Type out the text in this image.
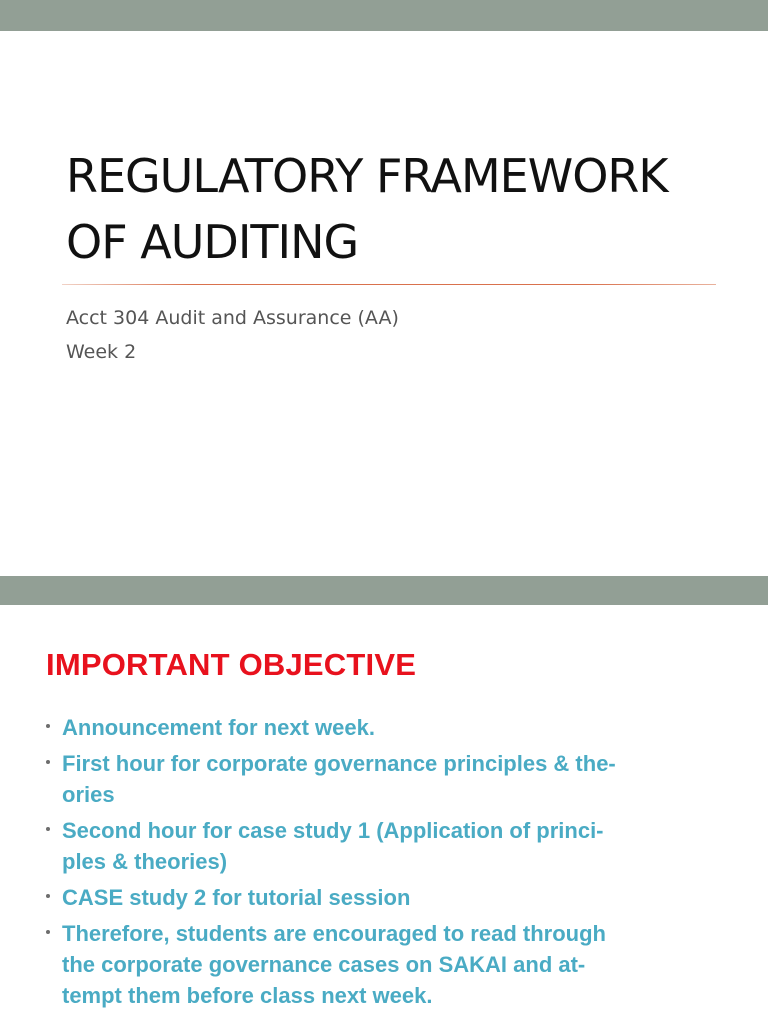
REGULATORY FRAMEWORK
OF AUDITING
Acct 304 Audit and Assurance (AA)
Week 2
IMPORTANT OBJECTIVE
Announcement for next week.
First hour for corporate governance principles & the-
ories
Second hour for case study 1 (Application of princi-
ples & theories)
CASE study 2 for tutorial session
Therefore, students are encouraged to read through
the corporate governance cases on SAKAI and at-
tempt them before class next week.
